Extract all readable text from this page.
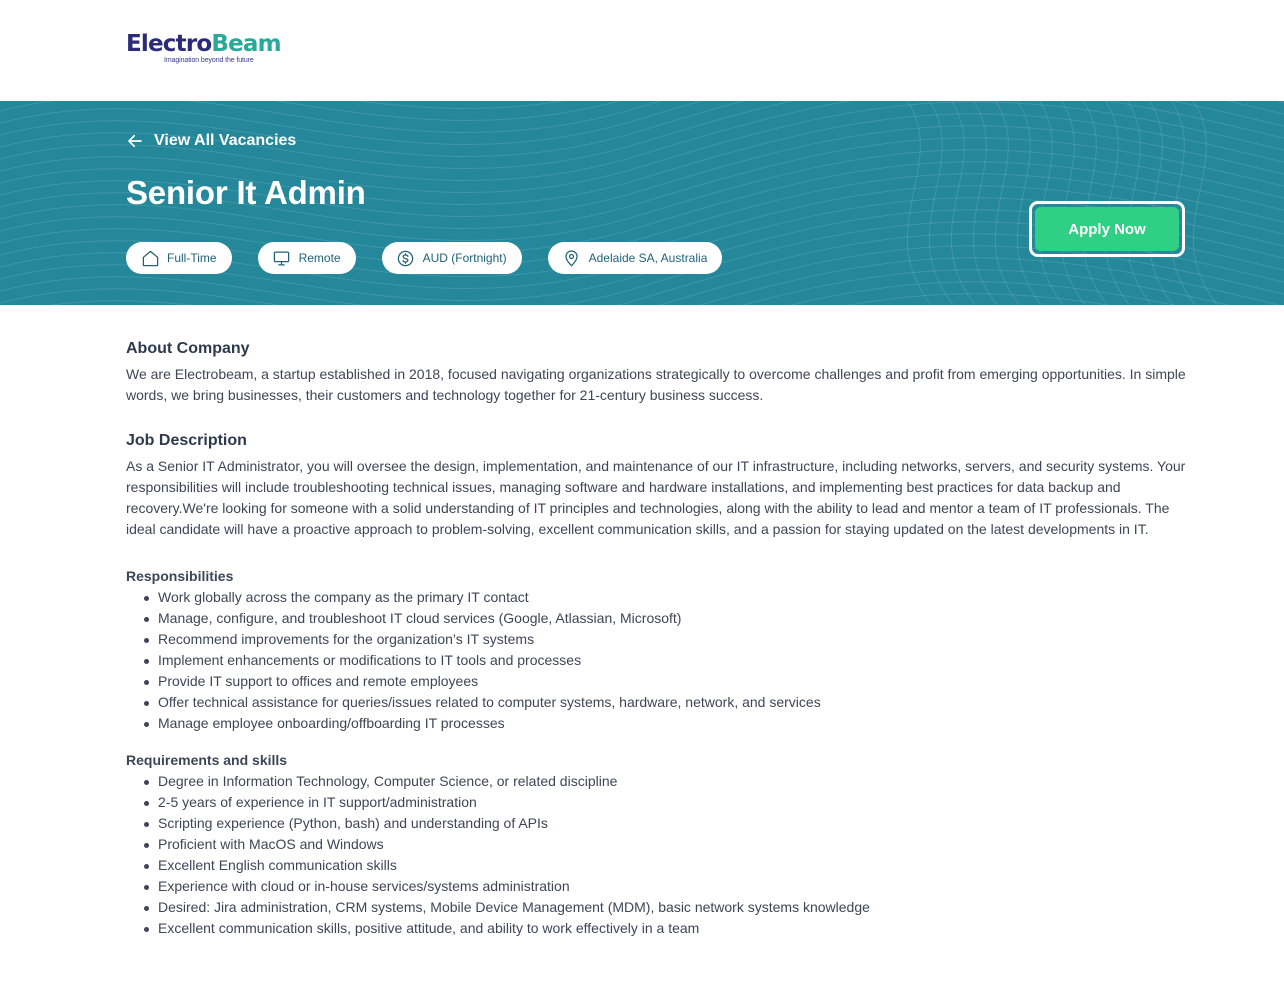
ElectroBeam
Imagination beyond the future
View All Vacancies
Senior It Admin
Full-Time	Remote	AUD (Fortnight)	Adelaide SA, Australia
Apply Now
About Company

We are Electrobeam, a startup established in 2018, focused navigating organizations strategically to overcome challenges and profit from emerging opportunities. In simple words, we bring businesses, their customers and technology together for 21-century business success.

Job Description

As a Senior IT Administrator, you will oversee the design, implementation, and maintenance of our IT infrastructure, including networks, servers, and security systems. Your responsibilities will include troubleshooting technical issues, managing software and hardware installations, and implementing best practices for data backup and recovery.We're looking for someone with a solid understanding of IT principles and technologies, along with the ability to lead and mentor a team of IT professionals. The ideal candidate will have a proactive approach to problem-solving, excellent communication skills, and a passion for staying updated on the latest developments in IT.

Responsibilities
Work globally across the company as the primary IT contact
Manage, configure, and troubleshoot IT cloud services (Google, Atlassian, Microsoft)
Recommend improvements for the organization’s IT systems
Implement enhancements or modifications to IT tools and processes
Provide IT support to offices and remote employees
Offer technical assistance for queries/issues related to computer systems, hardware, network, and services
Manage employee onboarding/offboarding IT processes
Requirements and skills
Degree in Information Technology, Computer Science, or related discipline
2-5 years of experience in IT support/administration
Scripting experience (Python, bash) and understanding of APIs
Proficient with MacOS and Windows
Excellent English communication skills
Experience with cloud or in-house services/systems administration
Desired: Jira administration, CRM systems, Mobile Device Management (MDM), basic network systems knowledge
Excellent communication skills, positive attitude, and ability to work effectively in a team
